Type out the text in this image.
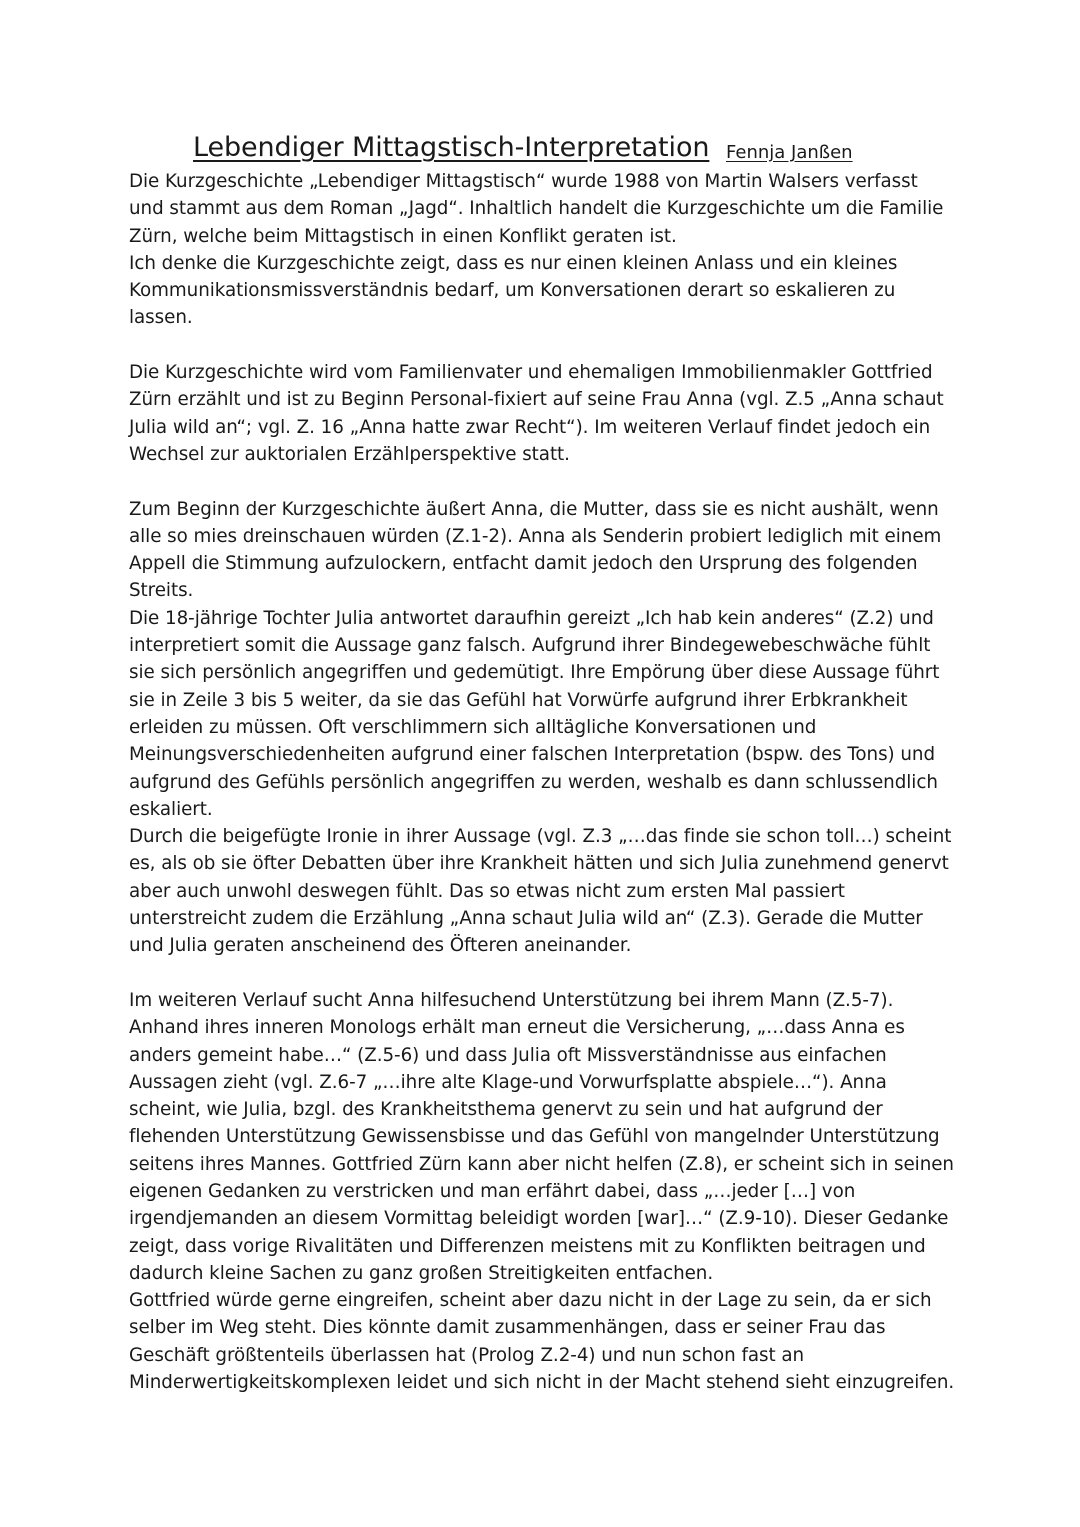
Lebendiger Mittagstisch-Interpretation Fennja Janßen

Die Kurzgeschichte „Lebendiger Mittagstisch“ wurde 1988 von Martin Walsers verfasst und stammt aus dem Roman „Jagd“. Inhaltlich handelt die Kurzgeschichte um die Familie Zürn, welche beim Mittagstisch in einen Konflikt geraten ist.

Ich denke die Kurzgeschichte zeigt, dass es nur einen kleinen Anlass und ein kleines Kommunikationsmissverständnis bedarf, um Konversationen derart so eskalieren zu lassen.

Die Kurzgeschichte wird vom Familienvater und ehemaligen Immobilienmakler Gottfried Zürn erzählt und ist zu Beginn Personal-fixiert auf seine Frau Anna (vgl. Z.5 „Anna schaut Julia wild an“; vgl. Z. 16 „Anna hatte zwar Recht“). Im weiteren Verlauf findet jedoch ein Wechsel zur auktorialen Erzählperspektive statt.

Zum Beginn der Kurzgeschichte äußert Anna, die Mutter, dass sie es nicht aushält, wenn alle so mies dreinschauen würden (Z.1-2). Anna als Senderin probiert lediglich mit einem Appell die Stimmung aufzulockern, entfacht damit jedoch den Ursprung des folgenden Streits.

Die 18-jährige Tochter Julia antwortet daraufhin gereizt „Ich hab kein anderes“ (Z.2) und interpretiert somit die Aussage ganz falsch. Aufgrund ihrer Bindegewebeschwäche fühlt sie sich persönlich angegriffen und gedemütigt. Ihre Empörung über diese Aussage führt sie in Zeile 3 bis 5 weiter, da sie das Gefühl hat Vorwürfe aufgrund ihrer Erbkrankheit erleiden zu müssen. Oft verschlimmern sich alltägliche Konversationen und Meinungsverschiedenheiten aufgrund einer falschen Interpretation (bspw. des Tons) und aufgrund des Gefühls persönlich angegriffen zu werden, weshalb es dann schlussendlich eskaliert.

Durch die beigefügte Ironie in ihrer Aussage (vgl. Z.3 „…das finde sie schon toll…) scheint es, als ob sie öfter Debatten über ihre Krankheit hätten und sich Julia zunehmend genervt aber auch unwohl deswegen fühlt. Das so etwas nicht zum ersten Mal passiert unterstreicht zudem die Erzählung „Anna schaut Julia wild an“ (Z.3). Gerade die Mutter und Julia geraten anscheinend des Öfteren aneinander.

Im weiteren Verlauf sucht Anna hilfesuchend Unterstützung bei ihrem Mann (Z.5-7). Anhand ihres inneren Monologs erhält man erneut die Versicherung, „…dass Anna es anders gemeint habe…“ (Z.5-6) und dass Julia oft Missverständnisse aus einfachen Aussagen zieht (vgl. Z.6-7 „…ihre alte Klage-und Vorwurfsplatte abspiele…“). Anna scheint, wie Julia, bzgl. des Krankheitsthema genervt zu sein und hat aufgrund der flehenden Unterstützung Gewissensbisse und das Gefühl von mangelnder Unterstützung seitens ihres Mannes. Gottfried Zürn kann aber nicht helfen (Z.8), er scheint sich in seinen eigenen Gedanken zu verstricken und man erfährt dabei, dass „…jeder […] von irgendjemanden an diesem Vormittag beleidigt worden [war]…“ (Z.9-10). Dieser Gedanke zeigt, dass vorige Rivalitäten und Differenzen meistens mit zu Konflikten beitragen und dadurch kleine Sachen zu ganz großen Streitigkeiten entfachen.

Gottfried würde gerne eingreifen, scheint aber dazu nicht in der Lage zu sein, da er sich selber im Weg steht. Dies könnte damit zusammenhängen, dass er seiner Frau das Geschäft größtenteils überlassen hat (Prolog Z.2-4) und nun schon fast an Minderwertigkeitskomplexen leidet und sich nicht in der Macht stehend sieht einzugreifen.
